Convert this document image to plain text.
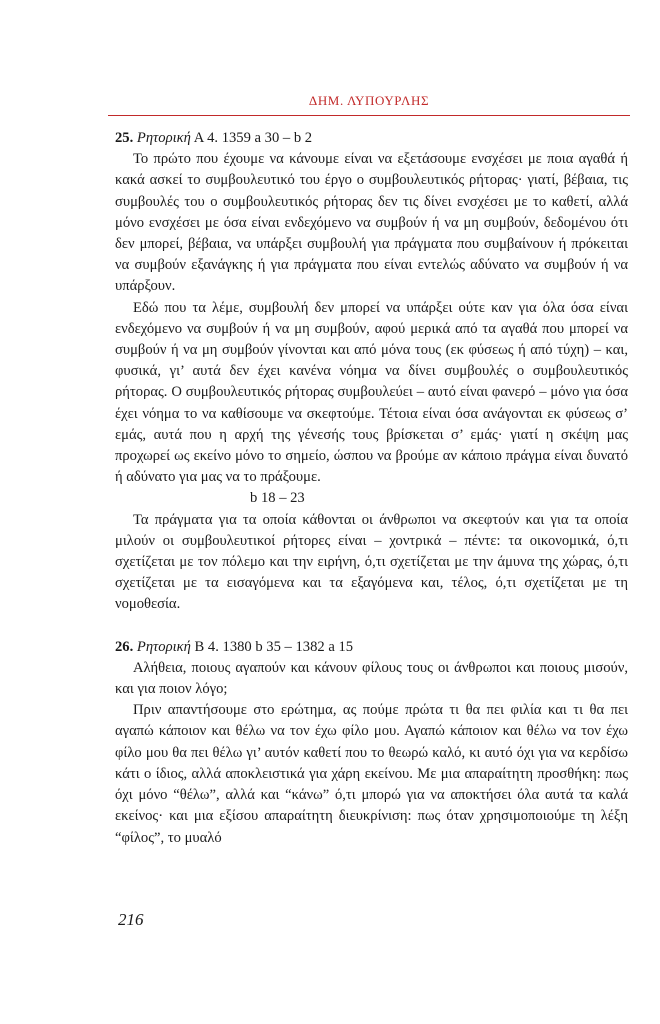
ΔΗΜ. ΛΥΠΟΥΡΛΗΣ

25. Ρητορική Α 4. 1359 a 30 – b 2

Το πρώτο που έχουμε να κάνουμε είναι να εξετάσουμε ενσχέσει με ποια αγαθά ή κακά ασκεί το συμβουλευτικό του έργο ο συμβουλευτικός ρήτορας· γιατί, βέβαια, τις συμβουλές του ο συμβουλευτικός ρήτορας δεν τις δίνει ενσχέσει με το καθετί, αλλά μόνο ενσχέσει με όσα είναι ενδεχόμενο να συμβούν ή να μη συμβούν, δεδομένου ότι δεν μπορεί, βέβαια, να υπάρξει συμβουλή για πράγματα που συμβαίνουν ή πρόκειται να συμβούν εξανάγκης ή για πράγματα που είναι εντελώς αδύνατο να συμβούν ή να υπάρξουν.

Εδώ που τα λέμε, συμβουλή δεν μπορεί να υπάρξει ούτε καν για όλα όσα είναι ενδεχόμενο να συμβούν ή να μη συμβούν, αφού μερικά από τα αγαθά που μπορεί να συμβούν ή να μη συμβούν γίνονται και από μόνα τους (εκ φύσεως ή από τύχη) – και, φυσικά, γι’ αυτά δεν έχει κανένα νόημα να δίνει συμβουλές ο συμβουλευτικός ρήτορας. Ο συμβουλευτικός ρήτορας συμβουλεύει – αυτό είναι φανερό – μόνο για όσα έχει νόημα το να καθίσουμε να σκεφτούμε. Τέτοια είναι όσα ανάγονται εκ φύσεως σ’ εμάς, αυτά που η αρχή της γένεσής τους βρίσκεται σ’ εμάς· γιατί η σκέψη μας προχωρεί ως εκείνο μόνο το σημείο, ώσπου να βρούμε αν κάποιο πράγμα είναι δυνατό ή αδύνατο για μας να το πράξουμε.

b 18 – 23

Τα πράγματα για τα οποία κάθονται οι άνθρωποι να σκεφτούν και για τα οποία μιλούν οι συμβουλευτικοί ρήτορες είναι – χοντρικά – πέντε: τα οικονομικά, ό,τι σχετίζεται με τον πόλεμο και την ειρήνη, ό,τι σχετίζεται με την άμυνα της χώρας, ό,τι σχετίζεται με τα εισαγόμενα και τα εξαγόμενα και, τέλος, ό,τι σχετίζεται με τη νομοθεσία.

26. Ρητορική Β 4. 1380 b 35 – 1382 a 15

Αλήθεια, ποιους αγαπούν και κάνουν φίλους τους οι άνθρωποι και ποιους μισούν, και για ποιον λόγο;

Πριν απαντήσουμε στο ερώτημα, ας πούμε πρώτα τι θα πει φιλία και τι θα πει αγαπώ κάποιον και θέλω να τον έχω φίλο μου. Αγαπώ κάποιον και θέλω να τον έχω φίλο μου θα πει θέλω γι’ αυτόν καθετί που το θεωρώ καλό, κι αυτό όχι για να κερδίσω κάτι ο ίδιος, αλλά αποκλειστικά για χάρη εκείνου. Με μια απαραίτητη προσθήκη: πως όχι μόνο “θέλω”, αλλά και “κάνω” ό,τι μπορώ για να αποκτήσει όλα αυτά τα καλά εκείνος· και μια εξίσου απαραίτητη διευκρίνιση: πως όταν χρησιμοποιούμε τη λέξη “φίλος”, το μυαλό

216
